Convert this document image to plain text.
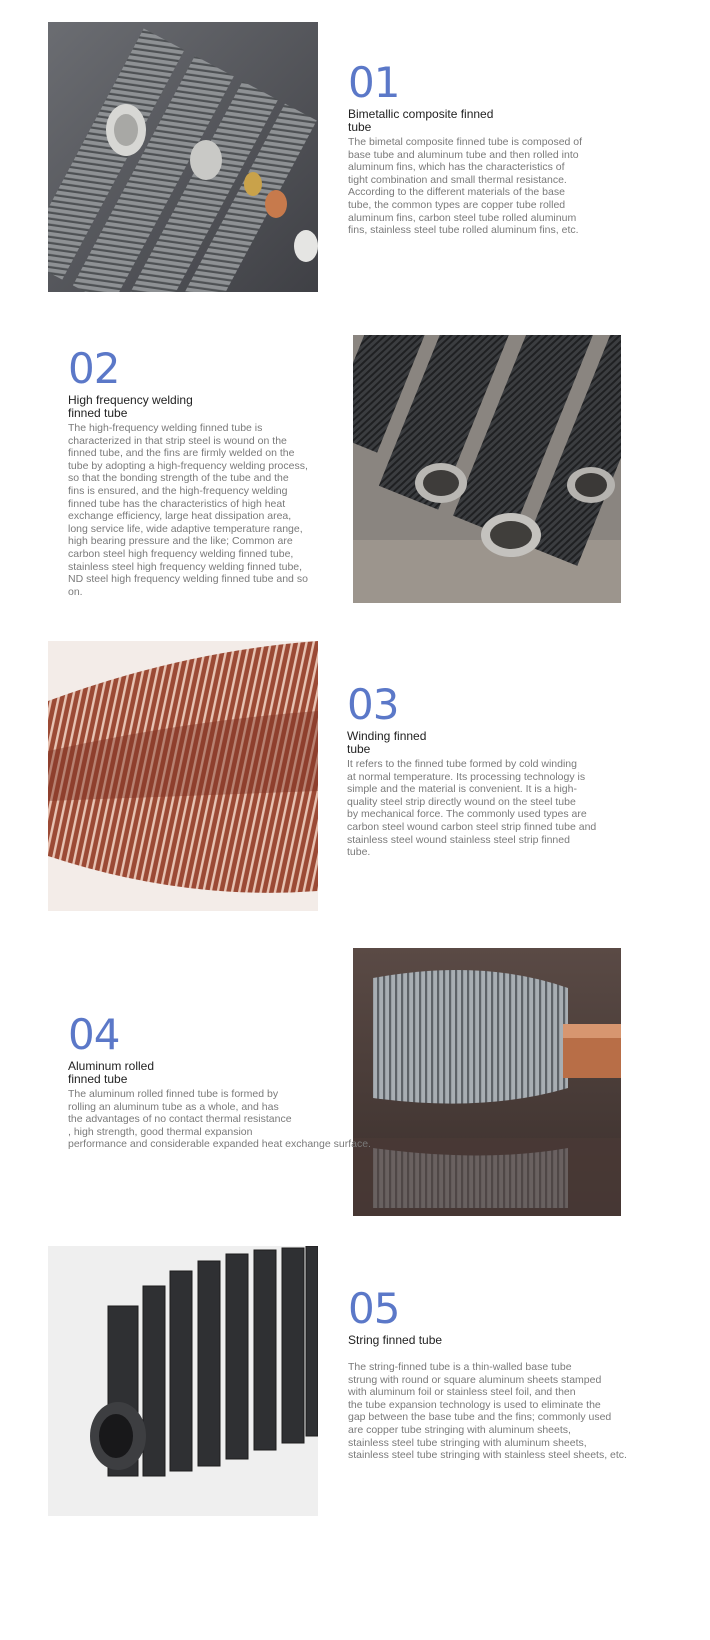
01
Bimetallic composite finned
tube
The bimetal composite finned tube is composed of
base tube and aluminum tube and then rolled into
aluminum fins, which has the characteristics of
tight combination and small thermal resistance.
According to the different materials of the base
tube, the common types are copper tube rolled
aluminum fins, carbon steel tube rolled aluminum
fins, stainless steel tube rolled aluminum fins, etc.
02
High frequency welding
finned tube
The high-frequency welding finned tube is
characterized in that strip steel is wound on the
finned tube, and the fins are firmly welded on the
tube by adopting a high-frequency welding process,
so that the bonding strength of the tube and the
fins is ensured, and the high-frequency welding
finned tube has the characteristics of high heat
exchange efficiency, large heat dissipation area,
long service life, wide adaptive temperature range,
high bearing pressure and the like; Common are
carbon steel high frequency welding finned tube,
stainless steel high frequency welding finned tube,
ND steel high frequency welding finned tube and so
on.
03
Winding finned
tube
It refers to the finned tube formed by cold winding
at normal temperature. Its processing technology is
simple and the material is convenient. It is a high-
quality steel strip directly wound on the steel tube
by mechanical force. The commonly used types are
carbon steel wound carbon steel strip finned tube and
stainless steel wound stainless steel strip finned
tube.
04
Aluminum rolled
finned tube
The aluminum rolled finned tube is formed by
rolling an aluminum tube as a whole, and has
the advantages of no contact thermal resistance
, high strength, good thermal expansion
performance and considerable expanded heat exchange surface.
05
String finned tube
The string-finned tube is a thin-walled base tube
strung with round or square aluminum sheets stamped
with aluminum foil or stainless steel foil, and then
the tube expansion technology is used to eliminate the
gap between the base tube and the fins; commonly used
are copper tube stringing with aluminum sheets,
stainless steel tube stringing with aluminum sheets,
stainless steel tube stringing with stainless steel sheets, etc.
